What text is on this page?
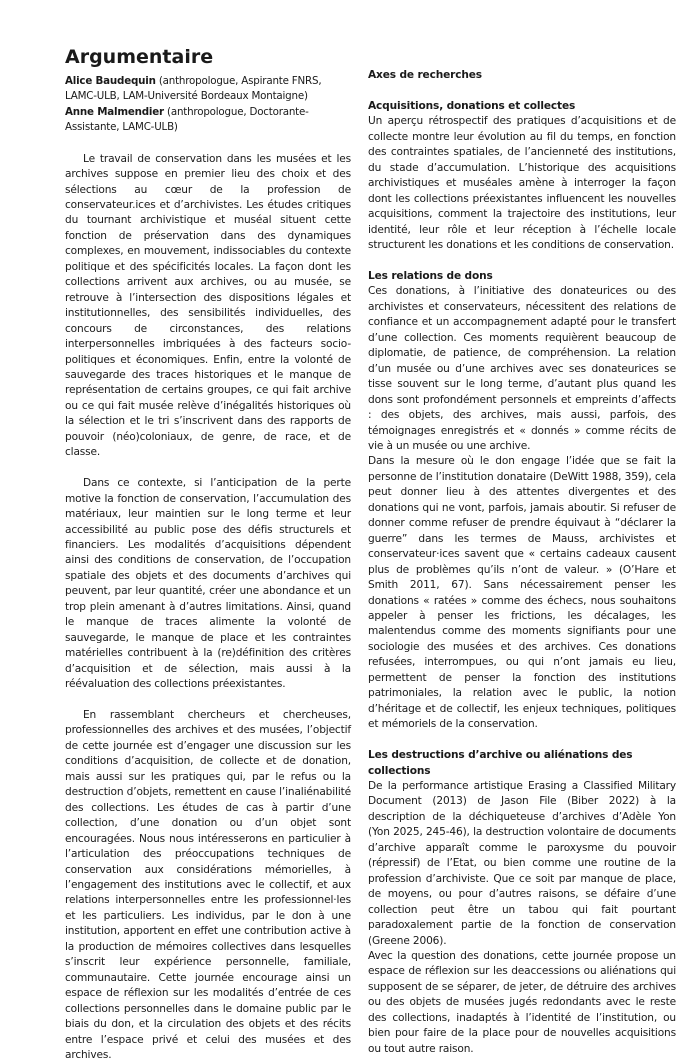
Argumentaire
Alice Baudequin (anthropologue, Aspirante FNRS, LAMC-ULB, LAM-Université Bordeaux Montaigne)
Anne Malmendier (anthropologue, Doctorante-Assistante, LAMC-ULB)

Le travail de conservation dans les musées et les archives suppose en premier lieu des choix et des sélections au cœur de la profession de conservateur.ices et d’archivistes. Les études critiques du tournant archivistique et muséal situent cette fonction de préservation dans des dynamiques complexes, en mouvement, indissociables du contexte politique et des spécificités locales. La façon dont les collections arrivent aux archives, ou au musée, se retrouve à l’intersection des dispositions légales et institutionnelles, des sensibilités individuelles, des concours de circonstances, des relations interpersonnelles imbriquées à des facteurs socio-politiques et économiques. Enfin, entre la volonté de sauvegarde des traces historiques et le manque de représentation de certains groupes, ce qui fait archive ou ce qui fait musée relève d’inégalités historiques où la sélection et le tri s’inscrivent dans des rapports de pouvoir (néo)coloniaux, de genre, de race, et de classe.

Dans ce contexte, si l’anticipation de la perte motive la fonction de conservation, l’accumulation des matériaux, leur maintien sur le long terme et leur accessibilité au public pose des défis structurels et financiers. Les modalités d’acquisitions dépendent ainsi des conditions de conservation, de l’occupation spatiale des objets et des documents d’archives qui peuvent, par leur quantité, créer une abondance et un trop plein amenant à d’autres limitations. Ainsi, quand le manque de traces alimente la volonté de sauvegarde, le manque de place et les contraintes matérielles contribuent à la (re)définition des critères d’acquisition et de sélection, mais aussi à la réévaluation des collections préexistantes.

En rassemblant chercheurs et chercheuses, professionnelles des archives et des musées, l’objectif de cette journée est d’engager une discussion sur les conditions d’acquisition, de collecte et de donation, mais aussi sur les pratiques qui, par le refus ou la destruction d’objets, remettent en cause l’inaliénabilité des collections. Les études de cas à partir d’une collection, d’une donation ou d’un objet sont encouragées. Nous nous intéresserons en particulier à l’articulation des préoccupations techniques de conservation aux considérations mémorielles, à l’engagement des institutions avec le collectif, et aux relations interpersonnelles entre les professionnel·les et les particuliers. Les individus, par le don à une institution, apportent en effet une contribution active à la production de mémoires collectives dans lesquelles s’inscrit leur expérience personnelle, familiale, communautaire. Cette journée encourage ainsi un espace de réflexion sur les modalités d’entrée de ces collections personnelles dans le domaine public par le biais du don, et la circulation des objets et des récits entre l’espace privé et celui des musées et des archives.

Axes de recherches
Acquisitions, donations et collectes

Un aperçu rétrospectif des pratiques d’acquisitions et de collecte montre leur évolution au fil du temps, en fonction des contraintes spatiales, de l’ancienneté des institutions, du stade d’accumulation. L’historique des acquisitions archivistiques et muséales amène à interroger la façon dont les collections préexistantes influencent les nouvelles acquisitions, comment la trajectoire des institutions, leur identité, leur rôle et leur réception à l’échelle locale structurent les donations et les conditions de conservation.

Les relations de dons

Ces donations, à l’initiative des donateurices ou des archivistes et conservateurs, nécessitent des relations de confiance et un accompagnement adapté pour le transfert d’une collection. Ces moments requièrent beaucoup de diplomatie, de patience, de compréhension. La relation d’un musée ou d’une archives avec ses donateurices se tisse souvent sur le long terme, d’autant plus quand les dons sont profondément personnels et empreints d’affects : des objets, des archives, mais aussi, parfois, des témoignages enregistrés et « donnés » comme récits de vie à un musée ou une archive.

Dans la mesure où le don engage l’idée que se fait la personne de l’institution donataire (DeWitt 1988, 359), cela peut donner lieu à des attentes divergentes et des donations qui ne vont, parfois, jamais aboutir. Si refuser de donner comme refuser de prendre équivaut à “déclarer la guerre” dans les termes de Mauss, archivistes et conservateur·ices savent que « certains cadeaux causent plus de problèmes qu’ils n’ont de valeur. » (O’Hare et Smith 2011, 67). Sans nécessairement penser les donations « ratées » comme des échecs, nous souhaitons appeler à penser les frictions, les décalages, les malentendus comme des moments signifiants pour une sociologie des musées et des archives. Ces donations refusées, interrompues, ou qui n’ont jamais eu lieu, permettent de penser la fonction des institutions patrimoniales, la relation avec le public, la notion d’héritage et de collectif, les enjeux techniques, politiques et mémoriels de la conservation.

Les destructions d’archive ou aliénations des collections

De la performance artistique Erasing a Classified Military Document (2013) de Jason File (Biber 2022) à la description de la déchiqueteuse d’archives d’Adèle Yon (Yon 2025, 245-46), la destruction volontaire de documents d’archive apparaît comme le paroxysme du pouvoir (répressif) de l’Etat, ou bien comme une routine de la profession d’archiviste. Que ce soit par manque de place, de moyens, ou pour d’autres raisons, se défaire d’une collection peut être un tabou qui fait pourtant paradoxalement partie de la fonction de conservation (Greene 2006).

Avec la question des donations, cette journée propose un espace de réflexion sur les deaccessions ou aliénations qui supposent de se séparer, de jeter, de détruire des archives ou des objets de musées jugés redondants avec le reste des collections, inadaptés à l’identité de l’institution, ou bien pour faire de la place pour de nouvelles acquisitions ou tout autre raison.
